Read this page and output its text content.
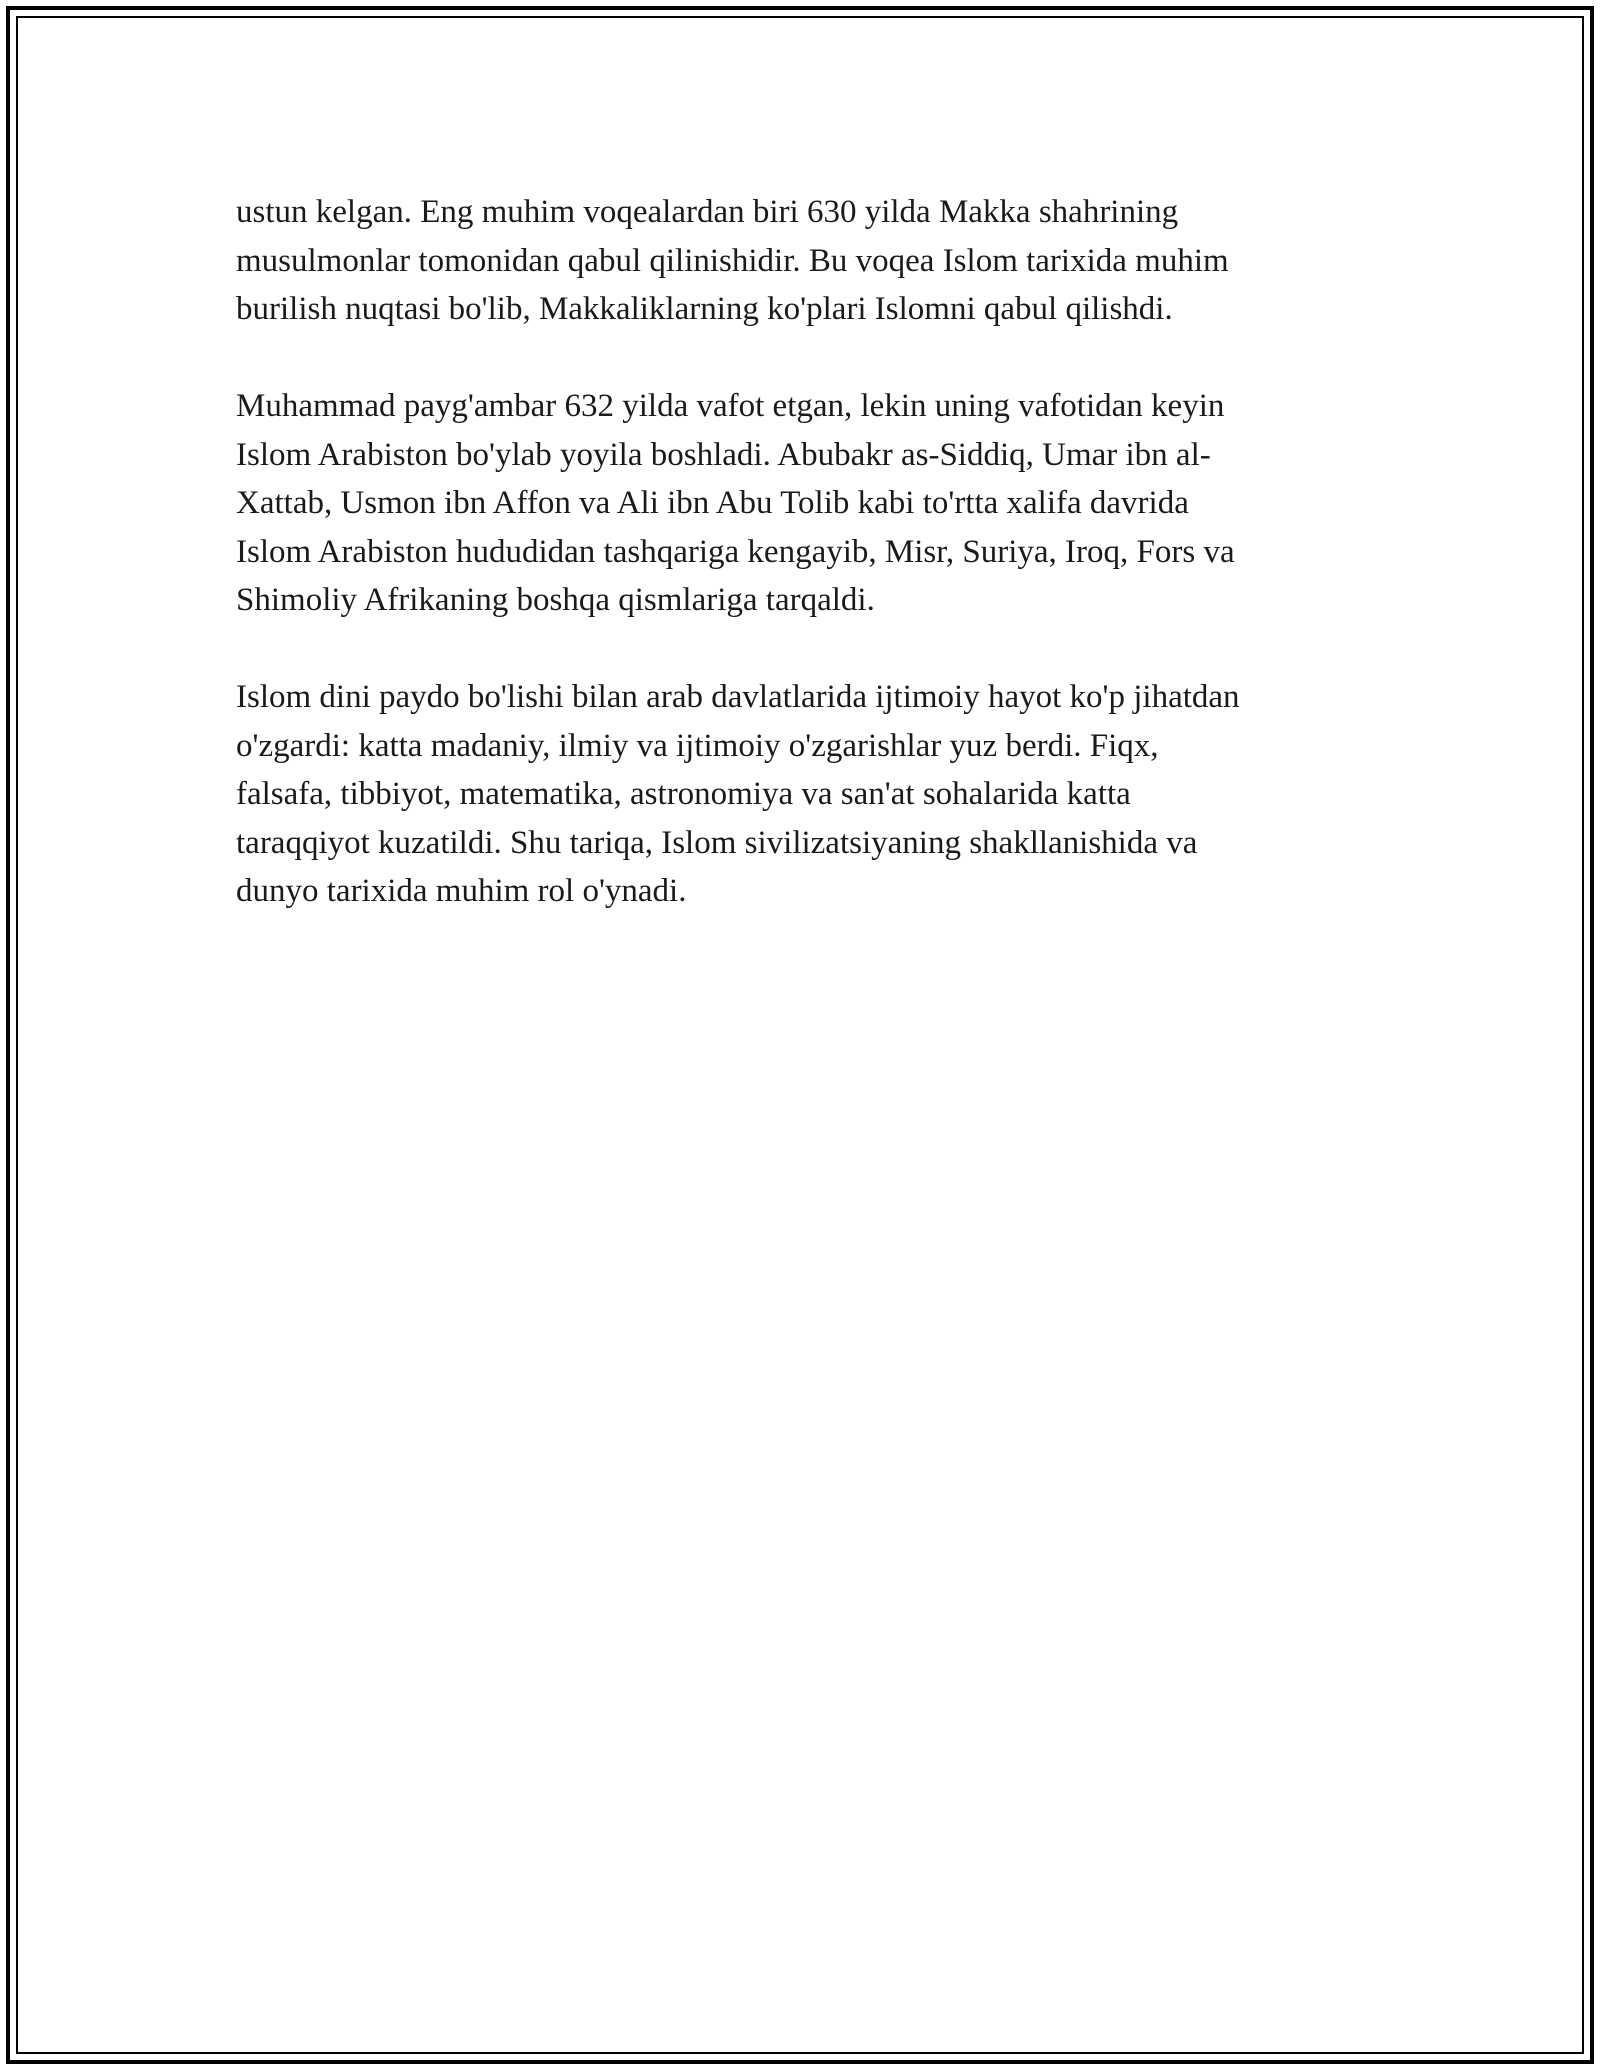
ustun kelgan. Eng muhim voqealardan biri 630 yilda Makka shahrining
musulmonlar tomonidan qabul qilinishidir. Bu voqea Islom tarixida muhim
burilish nuqtasi bo'lib, Makkaliklarning ko'plari Islomni qabul qilishdi.

Muhammad payg'ambar 632 yilda vafot etgan, lekin uning vafotidan keyin
Islom Arabiston bo'ylab yoyila boshladi. Abubakr as-Siddiq, Umar ibn al-
Xattab, Usmon ibn Affon va Ali ibn Abu Tolib kabi to'rtta xalifa davrida
Islom Arabiston hududidan tashqariga kengayib, Misr, Suriya, Iroq, Fors va
Shimoliy Afrikaning boshqa qismlariga tarqaldi.

Islom dini paydo bo'lishi bilan arab davlatlarida ijtimoiy hayot ko'p jihatdan
o'zgardi: katta madaniy, ilmiy va ijtimoiy o'zgarishlar yuz berdi. Fiqx,
falsafa, tibbiyot, matematika, astronomiya va san'at sohalarida katta
taraqqiyot kuzatildi. Shu tariqa, Islom sivilizatsiyaning shakllanishida va
dunyo tarixida muhim rol o'ynadi.
